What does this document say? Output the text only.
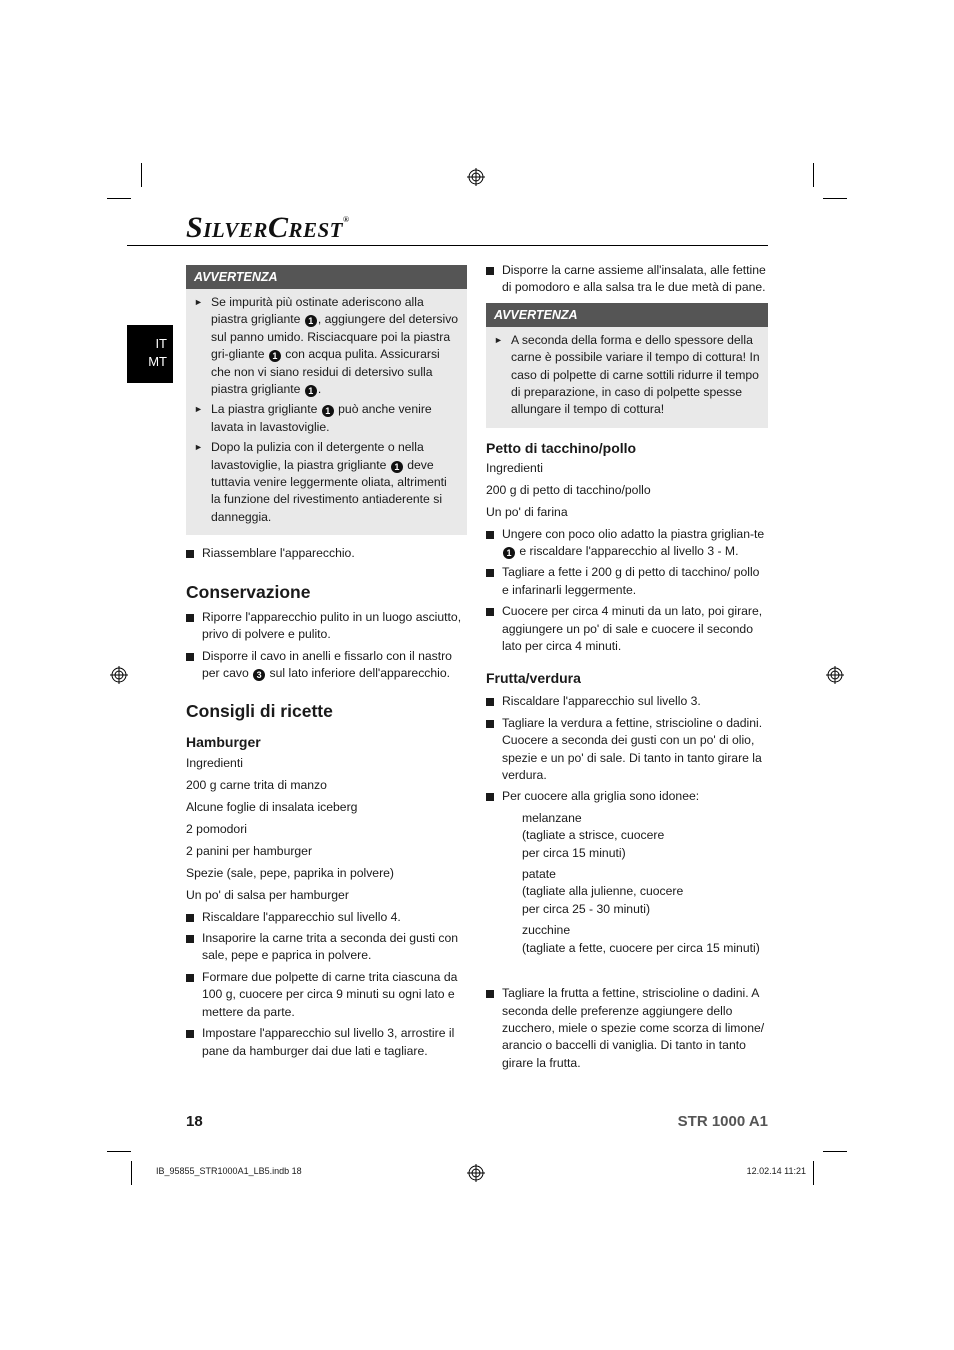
SILVERCREST®
IT
MT
AVVERTENZA
► Se impurità più ostinate aderiscono alla piastra grigliante 1 , aggiungere del detersivo sul panno umido. Risciacquare poi la piastra gri-gliante 1 con acqua pulita. Assicurarsi che non vi siano residui di detersivo sulla piastra grigliante 1 .
► La piastra grigliante 1 può anche venire lavata in lavastoviglie.
► Dopo la pulizia con il detergente o nella lavastoviglie, la piastra grigliante 1 deve tuttavia venire leggermente oliata, altrimenti la funzione del rivestimento antiaderente si danneggia.
Riassemblare l'apparecchio.
Conservazione
Riporre l'apparecchio pulito in un luogo asciutto, privo di polvere e pulito.
Disporre il cavo in anelli e fissarlo con il nastro per cavo 3 sul lato inferiore dell'apparecchio.
Consigli di ricette
Hamburger
Ingredienti
200 g carne trita di manzo
Alcune foglie di insalata iceberg
2 pomodori
2 panini per hamburger
Spezie (sale, pepe, paprika in polvere)
Un po' di salsa per hamburger
Riscaldare l'apparecchio sul livello 4.
Insaporire la carne trita a seconda dei gusti con sale, pepe e paprica in polvere.
Formare due polpette di carne trita ciascuna da 100 g, cuocere per circa 9 minuti su ogni lato e mettere da parte.
Impostare l'apparecchio sul livello 3, arrostire il pane da hamburger dai due lati e tagliare.
Disporre la carne assieme all'insalata, alle fettine di pomodoro e alla salsa tra le due metà di pane.
AVVERTENZA
► A seconda della forma e dello spessore della carne è possibile variare il tempo di cottura! In caso di polpette di carne sottili ridurre il tempo di preparazione, in caso di polpette spesse allungare il tempo di cottura!
Petto di tacchino/pollo
Ingredienti
200 g di petto di tacchino/pollo
Un po' di farina
Ungere con poco olio adatto la piastra griglian-te 1 e riscaldare l'apparecchio al livello 3 - M.
Tagliare a fette i 200 g di petto di tacchino/ pollo e infarinarli leggermente.
Cuocere per circa 4 minuti da un lato, poi girare, aggiungere un po' di sale e cuocere il secondo lato per circa 4 minuti.
Frutta/verdura
Riscaldare l'apparecchio sul livello 3.
Tagliare la verdura a fettine, striscioline o dadini. Cuocere a seconda dei gusti con un po' di olio, spezie e un po' di sale. Di tanto in tanto girare la verdura.
Per cuocere alla griglia sono idonee:
melanzane
(tagliate a strisce, cuocere
per circa 15 minuti)
patate
(tagliate alla julienne, cuocere
per circa 25 - 30 minuti)
zucchine
(tagliate a fette, cuocere per circa 15 minuti)
Tagliare la frutta a fettine, striscioline o dadini. A seconda delle preferenze aggiungere dello zucchero, miele o spezie come scorza di limone/ arancio o baccelli di vaniglia. Di tanto in tanto girare la frutta.
18	STR 1000 A1
IB_95855_STR1000A1_LB5.indb 18	12.02.14 11:21
